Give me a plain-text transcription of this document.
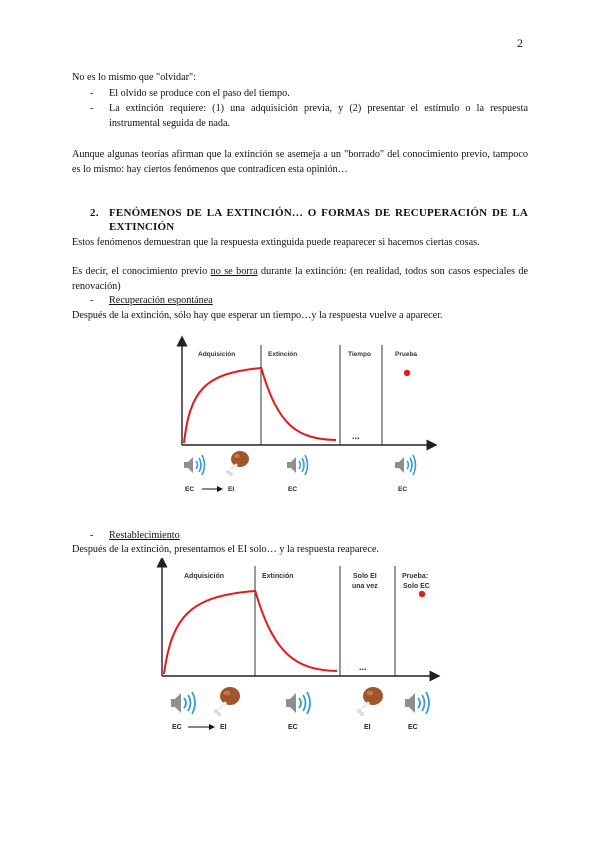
2
No es lo mismo que "olvidar":
- El olvido se produce con el paso del tiempo.
- La extinción requiere: (1) una adquisición previa, y (2) presentar el estímulo o la respuesta instrumental seguida de nada.
Aunque algunas teorías afirman que la extinción se asemeja a un "borrado" del conocimiento previo, tampoco es lo mismo: hay ciertos fenómenos que contradicen esta opinión…
2. FENÓMENOS DE LA EXTINCIÓN… O FORMAS DE RECUPERACIÓN DE LA EXTINCIÓN
Estos fenómenos demuestran que la respuesta extinguida puede reaparecer si hacemos ciertas cosas.
Es decir, el conocimiento previo no se borra durante la extinción: (en realidad, todos son casos especiales de renovación)
- Recuperación espontánea
Después de la extinción, sólo hay que esperar un tiempo…y la respuesta vuelve a aparecer.
Adquisición	Extinción	Tiempo	Prueba
...
EC	EI	EC	EC
- Restablecimiento
Después de la extinción, presentamos el EI solo… y la respuesta reaparece.
Adquisición	Extinción	Solo EI
una vez
Prueba:
Solo EC
...
EC	EI	EC	EI	EC
